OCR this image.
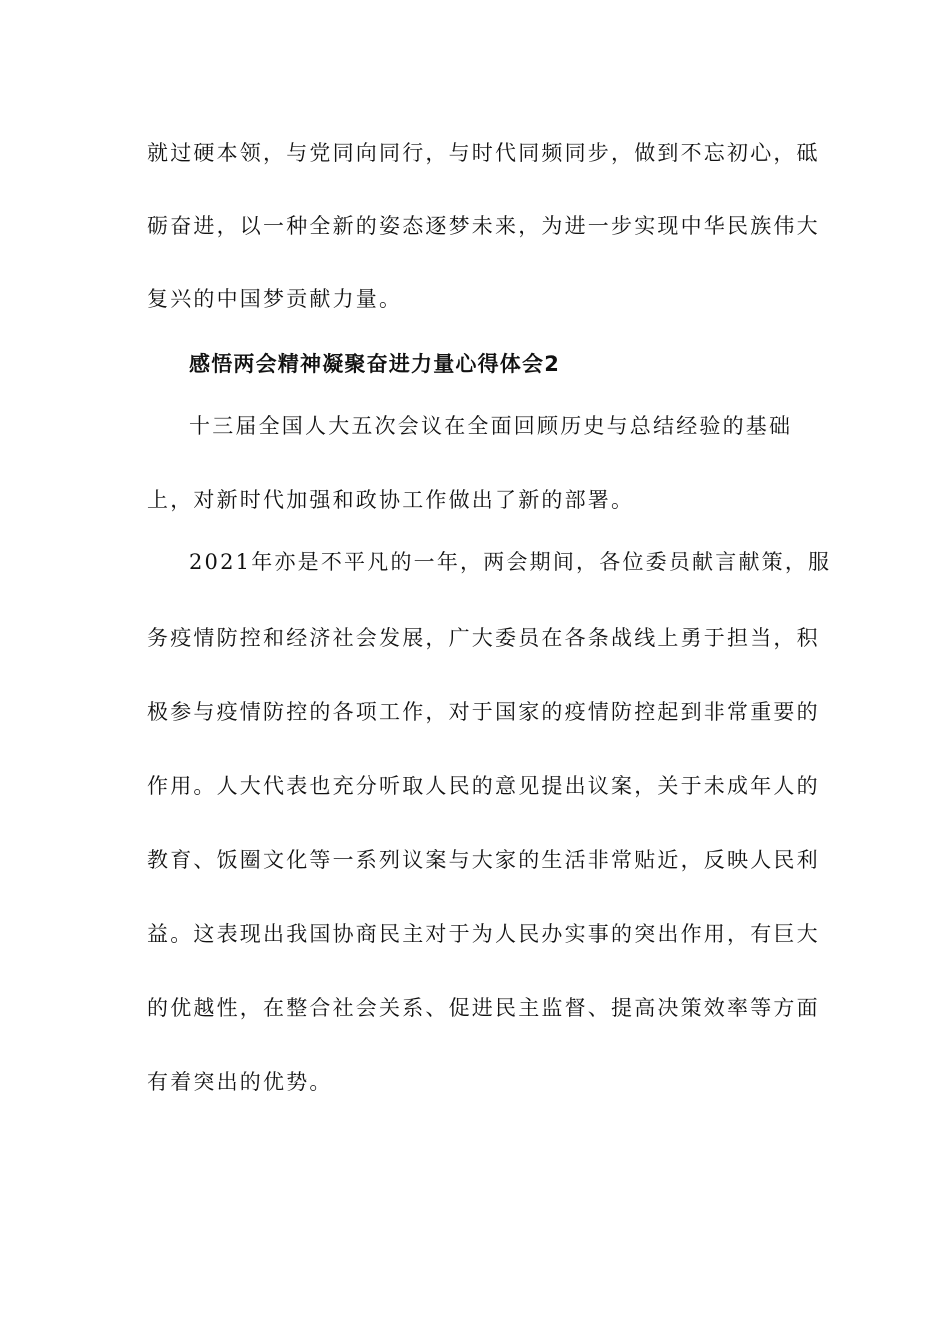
就过硬本领，与党同向同行，与时代同频同步，做到不忘初心，砥

砺奋进，以一种全新的姿态逐梦未来，为进一步实现中华民族伟大

复兴的中国梦贡献力量。

感悟两会精神凝聚奋进力量心得体会2

十三届全国人大五次会议在全面回顾历史与总结经验的基础

上，对新时代加强和政协工作做出了新的部署。

2021年亦是不平凡的一年，两会期间，各位委员献言献策，服

务疫情防控和经济社会发展，广大委员在各条战线上勇于担当，积

极参与疫情防控的各项工作，对于国家的疫情防控起到非常重要的

作用。人大代表也充分听取人民的意见提出议案，关于未成年人的

教育、饭圈文化等一系列议案与大家的生活非常贴近，反映人民利

益。这表现出我国协商民主对于为人民办实事的突出作用，有巨大

的优越性，在整合社会关系、促进民主监督、提高决策效率等方面

有着突出的优势。
